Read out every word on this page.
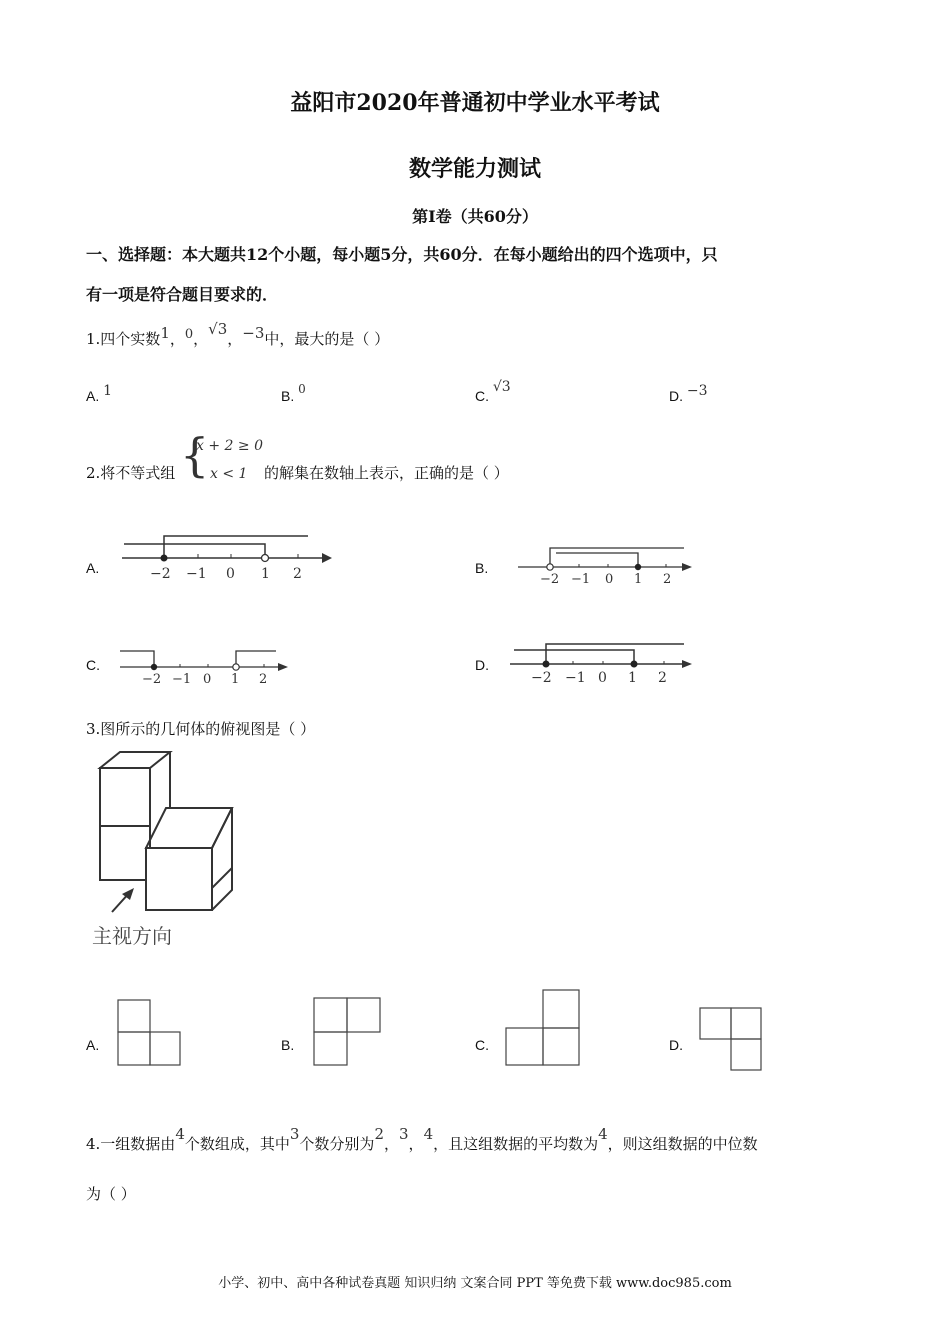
益阳市2020年普通初中学业水平考试
数学能力测试
第Ⅰ卷（共60分）
一、选择题：本大题共12个小题，每小题5分，共60分．在每小题给出的四个选项中，只
有一项是符合题目要求的．
1.四个实数1，0，√3，−3中，最大的是（ ）
A. 1	B. 0	C. √3
D. −3
2.将不等式组 {
x + 2 ≥ 0
x < 1 的解集在数轴上表示，正确的是（ ）
A.	B.
C.	D.
−2 −1 0 1 2	−2 −1 0 1 2
−2 −1 0 1 2	−2 −1 0 1 2
3.图所示的几何体的俯视图是（ ）
主视方向
A.	B.	C.	D.
4.一组数据由4个数组成，其中3个数分别为2，3，4，且这组数据的平均数为4，则这组数据的中位数
为（ ）
小学、初中、高中各种试卷真题 知识归纳 文案合同 PPT 等免费下载 www.doc985.com
